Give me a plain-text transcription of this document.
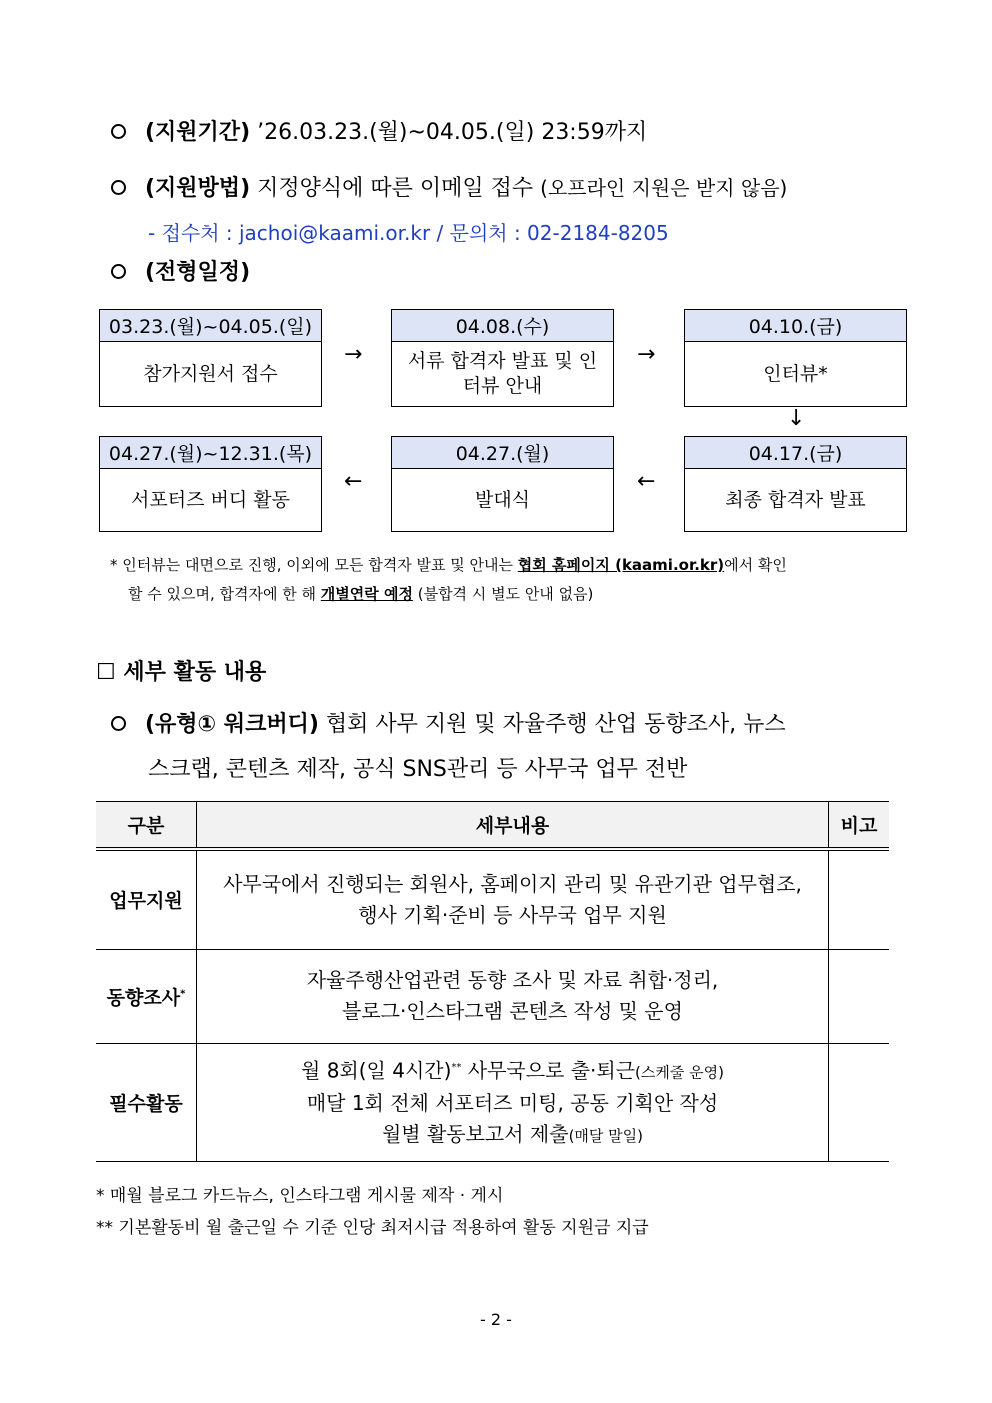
(지원기간) ’26.03.23.(월)~04.05.(일) 23:59까지
(지원방법) 지정양식에 따른 이메일 접수 (오프라인 지원은 받지 않음)
- 접수처 : jachoi@kaami.or.kr / 문의처 : 02-2184-8205
(전형일정)
03.23.(월)~04.05.(일)
참가지원서 접수
→
04.08.(수)
서류 합격자 발표 및 인터뷰 안내
→
04.10.(금)
인터뷰*
↓
04.27.(월)~12.31.(목)
서포터즈 버디 활동
←
04.27.(월)
발대식
←
04.17.(금)
최종 합격자 발표
* 인터뷰는 대면으로 진행, 이외에 모든 합격자 발표 및 안내는 협회 홈페이지 (kaami.or.kr)에서 확인
할 수 있으며, 합격자에 한 해 개별연락 예정 (불합격 시 별도 안내 없음)
☐ 세부 활동 내용
(유형① 워크버디) 협회 사무 지원 및 자율주행 산업 동향조사, 뉴스
스크랩, 콘텐츠 제작, 공식 SNS관리 등 사무국 업무 전반
구분	세부내용	비고
업무지원	사무국에서 진행되는 회원사, 홈페이지 관리 및 유관기관 업무협조,
행사 기획·준비 등 사무국 업무 지원	

동향조사*	자율주행산업관련 동향 조사 및 자료 취합·정리,
블로그·인스타그램 콘텐츠 작성 및 운영	

필수활동	월 8회(일 4시간)** 사무국으로 출·퇴근(스케줄 운영)
매달 1회 전체 서포터즈 미팅, 공동 기획안 작성
월별 활동보고서 제출(매달 말일)	

* 매월 블로그 카드뉴스, 인스타그램 게시물 제작 · 게시
** 기본활동비 월 출근일 수 기준 인당 최저시급 적용하여 활동 지원금 지급
- 2 -
